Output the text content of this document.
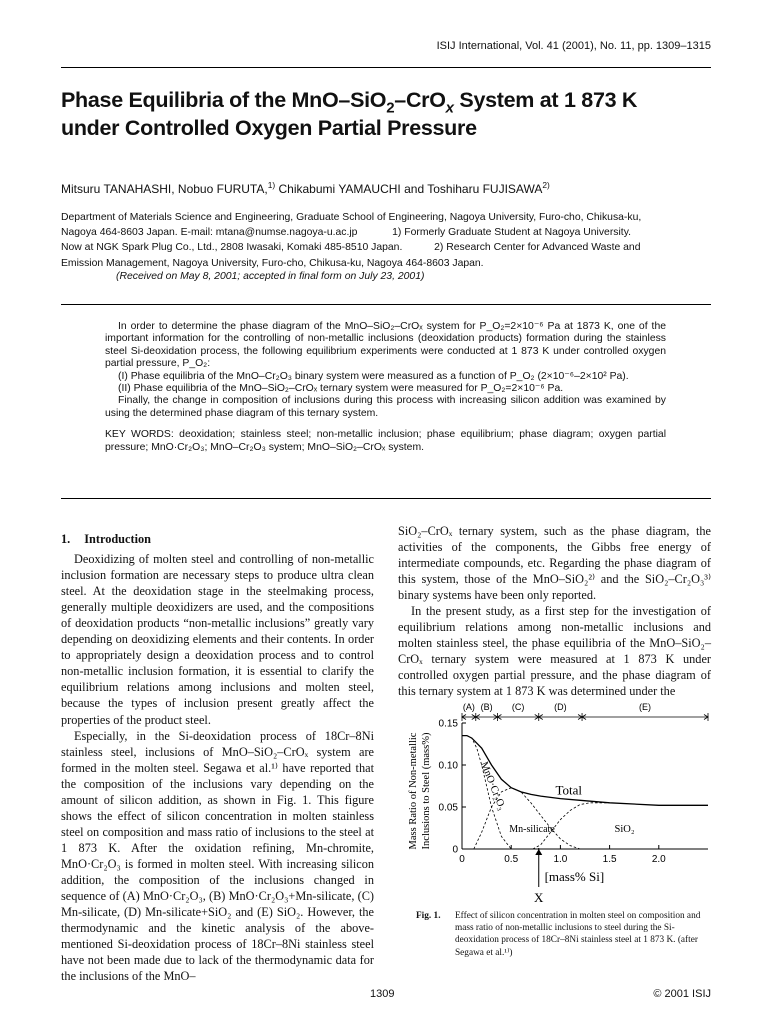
ISIJ International, Vol. 41 (2001), No. 11, pp. 1309–1315
Phase Equilibria of the MnO–SiO$_2$–CrO$_x$ System at 1 873 K
under Controlled Oxygen Partial Pressure
Mitsuru TANAHASHI, Nobuo FURUTA,$^{1)}$ Chikabumi YAMAUCHI and Toshiharu FUJISAWA$^{2)}$
Department of Materials Science and Engineering, Graduate School of Engineering, Nagoya University, Furo-cho, Chikusa-ku,
Nagoya 464-8603 Japan. E-mail: mtana@numse.nagoya-u.ac.jp            1) Formerly Graduate Student at Nagoya University.
Now at NGK Spark Plug Co., Ltd., 2808 Iwasaki, Komaki 485-8510 Japan.           2) Research Center for Advanced Waste and
Emission Management, Nagoya University, Furo-cho, Chikusa-ku, Nagoya 464-8603 Japan.
(Received on May 8, 2001; accepted in final form on July 23, 2001)

In order to determine the phase diagram of the MnO–SiO₂–CrOₓ system for P_O₂=2×10⁻⁶ Pa at 1873 K, one of the important information for the controlling of non-metallic inclusions (deoxidation products) formation during the stainless steel Si-deoxidation process, the following equilibrium experiments were conducted at 1 873 K under controlled oxygen partial pressure, P_O₂:

(I) Phase equilibria of the MnO–Cr₂O₃ binary system were measured as a function of P_O₂ (2×10⁻⁶–2×10² Pa).

(II) Phase equilibria of the MnO–SiO₂–CrOₓ ternary system were measured for P_O₂=2×10⁻⁶ Pa.

Finally, the change in composition of inclusions during this process with increasing silicon addition was examined by using the determined phase diagram of this ternary system.

KEY WORDS: deoxidation; stainless steel; non-metallic inclusion; phase equilibrium; phase diagram; oxygen partial pressure; MnO·Cr₂O₃; MnO–Cr₂O₃ system; MnO–SiO₂–CrOₓ system.

1. Introduction

Deoxidizing of molten steel and controlling of non-metallic inclusion formation are necessary steps to produce ultra clean steel. At the deoxidation stage in the steelmaking process, generally multiple deoxidizers are used, and the compositions of deoxidation products “non-metallic inclusions” greatly vary depending on deoxidizing elements and their contents. In order to appropriately design a deoxidation process and to control non-metallic inclusion formation, it is essential to clarify the equilibrium relations among inclusions and molten steel, because the types of inclusion present greatly affect the properties of the product steel.

Especially, in the Si-deoxidation process of 18Cr–8Ni stainless steel, inclusions of MnO–SiO₂–CrOₓ system are formed in the molten steel. Segawa et al.¹⁾ have reported that the composition of the inclusions vary depending on the amount of silicon addition, as shown in Fig. 1. This figure shows the effect of silicon concentration in molten stainless steel on composition and mass ratio of inclusions to the steel at 1 873 K. After the oxidation refining, Mn-chromite, MnO·Cr₂O₃ is formed in molten steel. With increasing silicon addition, the composition of the inclusions changed in sequence of (A) MnO·Cr₂O₃, (B) MnO·Cr₂O₃+Mn-silicate, (C) Mn-silicate, (D) Mn-silicate+SiO₂ and (E) SiO₂. However, the thermodynamic and the kinetic analysis of the above-mentioned Si-deoxidation process of 18Cr–8Ni stainless steel have not been made due to lack of the thermodynamic data for the inclusions of the MnO–

SiO₂–CrOₓ ternary system, such as the phase diagram, the activities of the components, the Gibbs free energy of intermediate compounds, etc. Regarding the phase diagram of this system, those of the MnO–SiO₂²⁾ and the SiO₂–Cr₂O₃³⁾ binary systems have been only reported.

In the present study, as a first step for the investigation of equilibrium relations among non-metallic inclusions and molten stainless steel, the phase equilibria of the MnO–SiO₂–CrOₓ ternary system were measured at 1 873 K under controlled oxygen partial pressure, and the phase diagram of this ternary system at 1 873 K was determined under the

0
0.05
0.10
0.15
0	0.5	1.0	1.5	2.0
Mass Ratio of Non-metallic Inclusions to Steel (mass%)
[mass% Si]
(A) (B) (C)	(D)	(E)
Total
MnO·Cr₂O₃
Mn-silicate	SiO₂
X
Fig. 1. Effect of silicon concentration in molten steel on composition and mass ratio of non-metallic inclusions to steel during the Si-deoxidation process of 18Cr–8Ni stainless steel at 1 873 K. (after Segawa et al.¹⁾)
1309	© 2001 ISIJ
